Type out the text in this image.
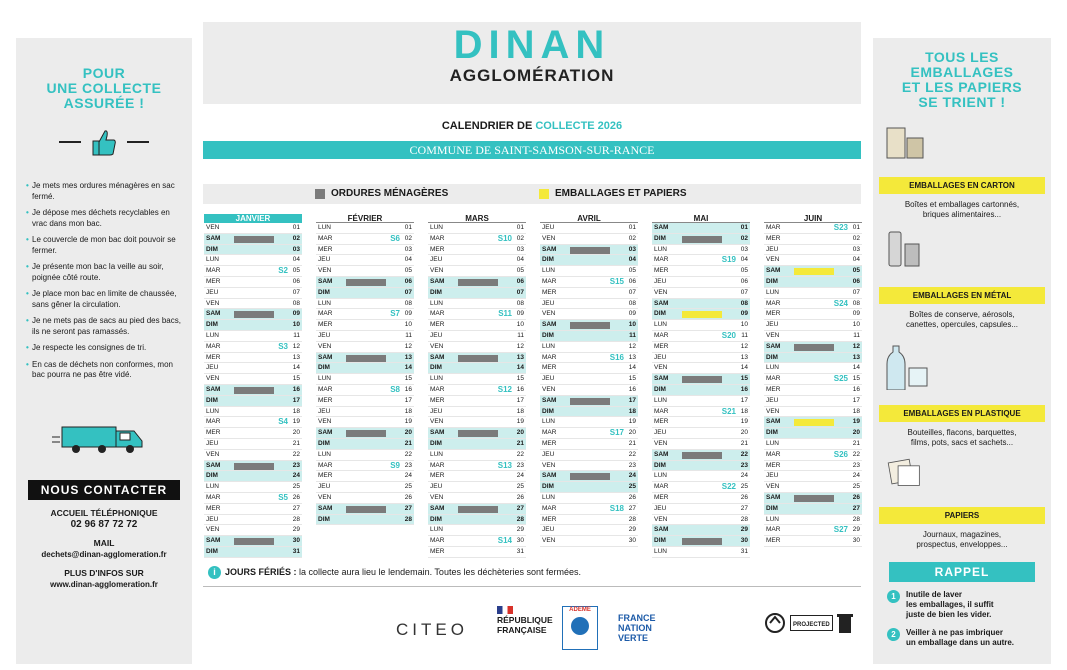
POUR
UNE COLLECTE
ASSURÉE !
• Je mets mes ordures ménagères en sac fermé.
• Je dépose mes déchets recyclables en vrac dans mon bac.
• Le couvercle de mon bac doit pouvoir se fermer.
• Je présente mon bac la veille au soir, poignée côté route.
• Je place mon bac en limite de chaussée, sans gêner la circulation.
• Je ne mets pas de sacs au pied des bacs, ils ne seront pas ramassés.
• Je respecte les consignes de tri.
• En cas de déchets non conformes, mon bac pourra ne pas être vidé.
NOUS CONTACTER
ACCUEIL TÉLÉPHONIQUE
02 96 87 72 72
MAIL
dechets@dinan-agglomeration.fr
PLUS D'INFOS SUR
www.dinan-agglomeration.fr
DINAN
AGGLOMÉRATION
CALENDRIER DE COLLECTE 2026
COMMUNE DE SAINT-SAMSON-SUR-RANCE
ORDURES MÉNAGÈRES	EMBALLAGES ET PAPIERS
JANVIER
VEN	01
SAM	02
DIM	03
LUN	04
MAR	S2 05
MER	06
JEU	07
VEN	08
SAM	09
DIM	10
LUN	11
MAR	S3 12
MER	13
JEU	14
VEN	15
SAM	16
DIM	17
LUN	18
MAR	S4 19
MER	20
JEU	21
VEN	22
SAM	23
DIM	24
LUN	25
MAR	S5 26
MER	27
JEU	28
VEN	29
SAM	30
DIM	31
FÉVRIER
LUN	01
MAR	S6 02
MER	03
JEU	04
VEN	05
SAM	06
DIM	07
LUN	08
MAR	S7 09
MER	10
JEU	11
VEN	12
SAM	13
DIM	14
LUN	15
MAR	S8 16
MER	17
JEU	18
VEN	19
SAM	20
DIM	21
LUN	22
MAR	S9 23
MER	24
JEU	25
VEN	26
SAM	27
DIM	28
MARS
LUN	01
MAR	S10 02
MER	03
JEU	04
VEN	05
SAM	06
DIM	07
LUN	08
MAR	S11 09
MER	10
JEU	11
VEN	12
SAM	13
DIM	14
LUN	15
MAR	S12 16
MER	17
JEU	18
VEN	19
SAM	20
DIM	21
LUN	22
MAR	S13 23
MER	24
JEU	25
VEN	26
SAM	27
DIM	28
LUN	29
MAR	S14 30
MER	31
AVRIL
JEU	01
VEN	02
SAM	03
DIM	04
LUN	05
MAR	S15 06
MER	07
JEU	08
VEN	09
SAM	10
DIM	11
LUN	12
MAR	S16 13
MER	14
JEU	15
VEN	16
SAM	17
DIM	18
LUN	19
MAR	S17 20
MER	21
JEU	22
VEN	23
SAM	24
DIM	25
LUN	26
MAR	S18 27
MER	28
JEU	29
VEN	30
MAI
SAM	01
DIM	02
LUN	03
MAR	S19 04
MER	05
JEU	06
VEN	07
SAM	08
DIM	09
LUN	10
MAR	S20 11
MER	12
JEU	13
VEN	14
SAM	15
DIM	16
LUN	17
MAR	S21 18
MER	19
JEU	20
VEN	21
SAM	22
DIM	23
LUN	24
MAR	S22 25
MER	26
JEU	27
VEN	28
SAM	29
DIM	30
LUN	31
JUIN
MAR	S23 01
MER	02
JEU	03
VEN	04
SAM	05
DIM	06
LUN	07
MAR	S24 08
MER	09
JEU	10
VEN	11
SAM	12
DIM	13
LUN	14
MAR	S25 15
MER	16
JEU	17
VEN	18
SAM	19
DIM	20
LUN	21
MAR	S26 22
MER	23
JEU	24
VEN	25
SAM	26
DIM	27
LUN	28
MAR	S27 29
MER	30
i JOURS FÉRIÉS : la collecte aura lieu le lendemain. Toutes les déchèteries sont fermées.
CITEO	RÉPUBLIQUE
FRANÇAISE
ADEME
FRANCE
NATION
VERTE
PROJECTED
TOUS LES
EMBALLAGES
ET LES PAPIERS
SE TRIENT !
EMBALLAGES EN CARTON
Boîtes et emballages cartonnés,
briques alimentaires...
EMBALLAGES EN MÉTAL
Boîtes de conserve, aérosols,
canettes, opercules, capsules...
EMBALLAGES EN PLASTIQUE
Bouteilles, flacons, barquettes,
films, pots, sacs et sachets...
PAPIERS
Journaux, magazines,
prospectus, enveloppes...
RAPPEL
1	Inutile de laver
les emballages, il suffit
juste de bien les vider.
2	Veiller à ne pas imbriquer
un emballage dans un autre.
